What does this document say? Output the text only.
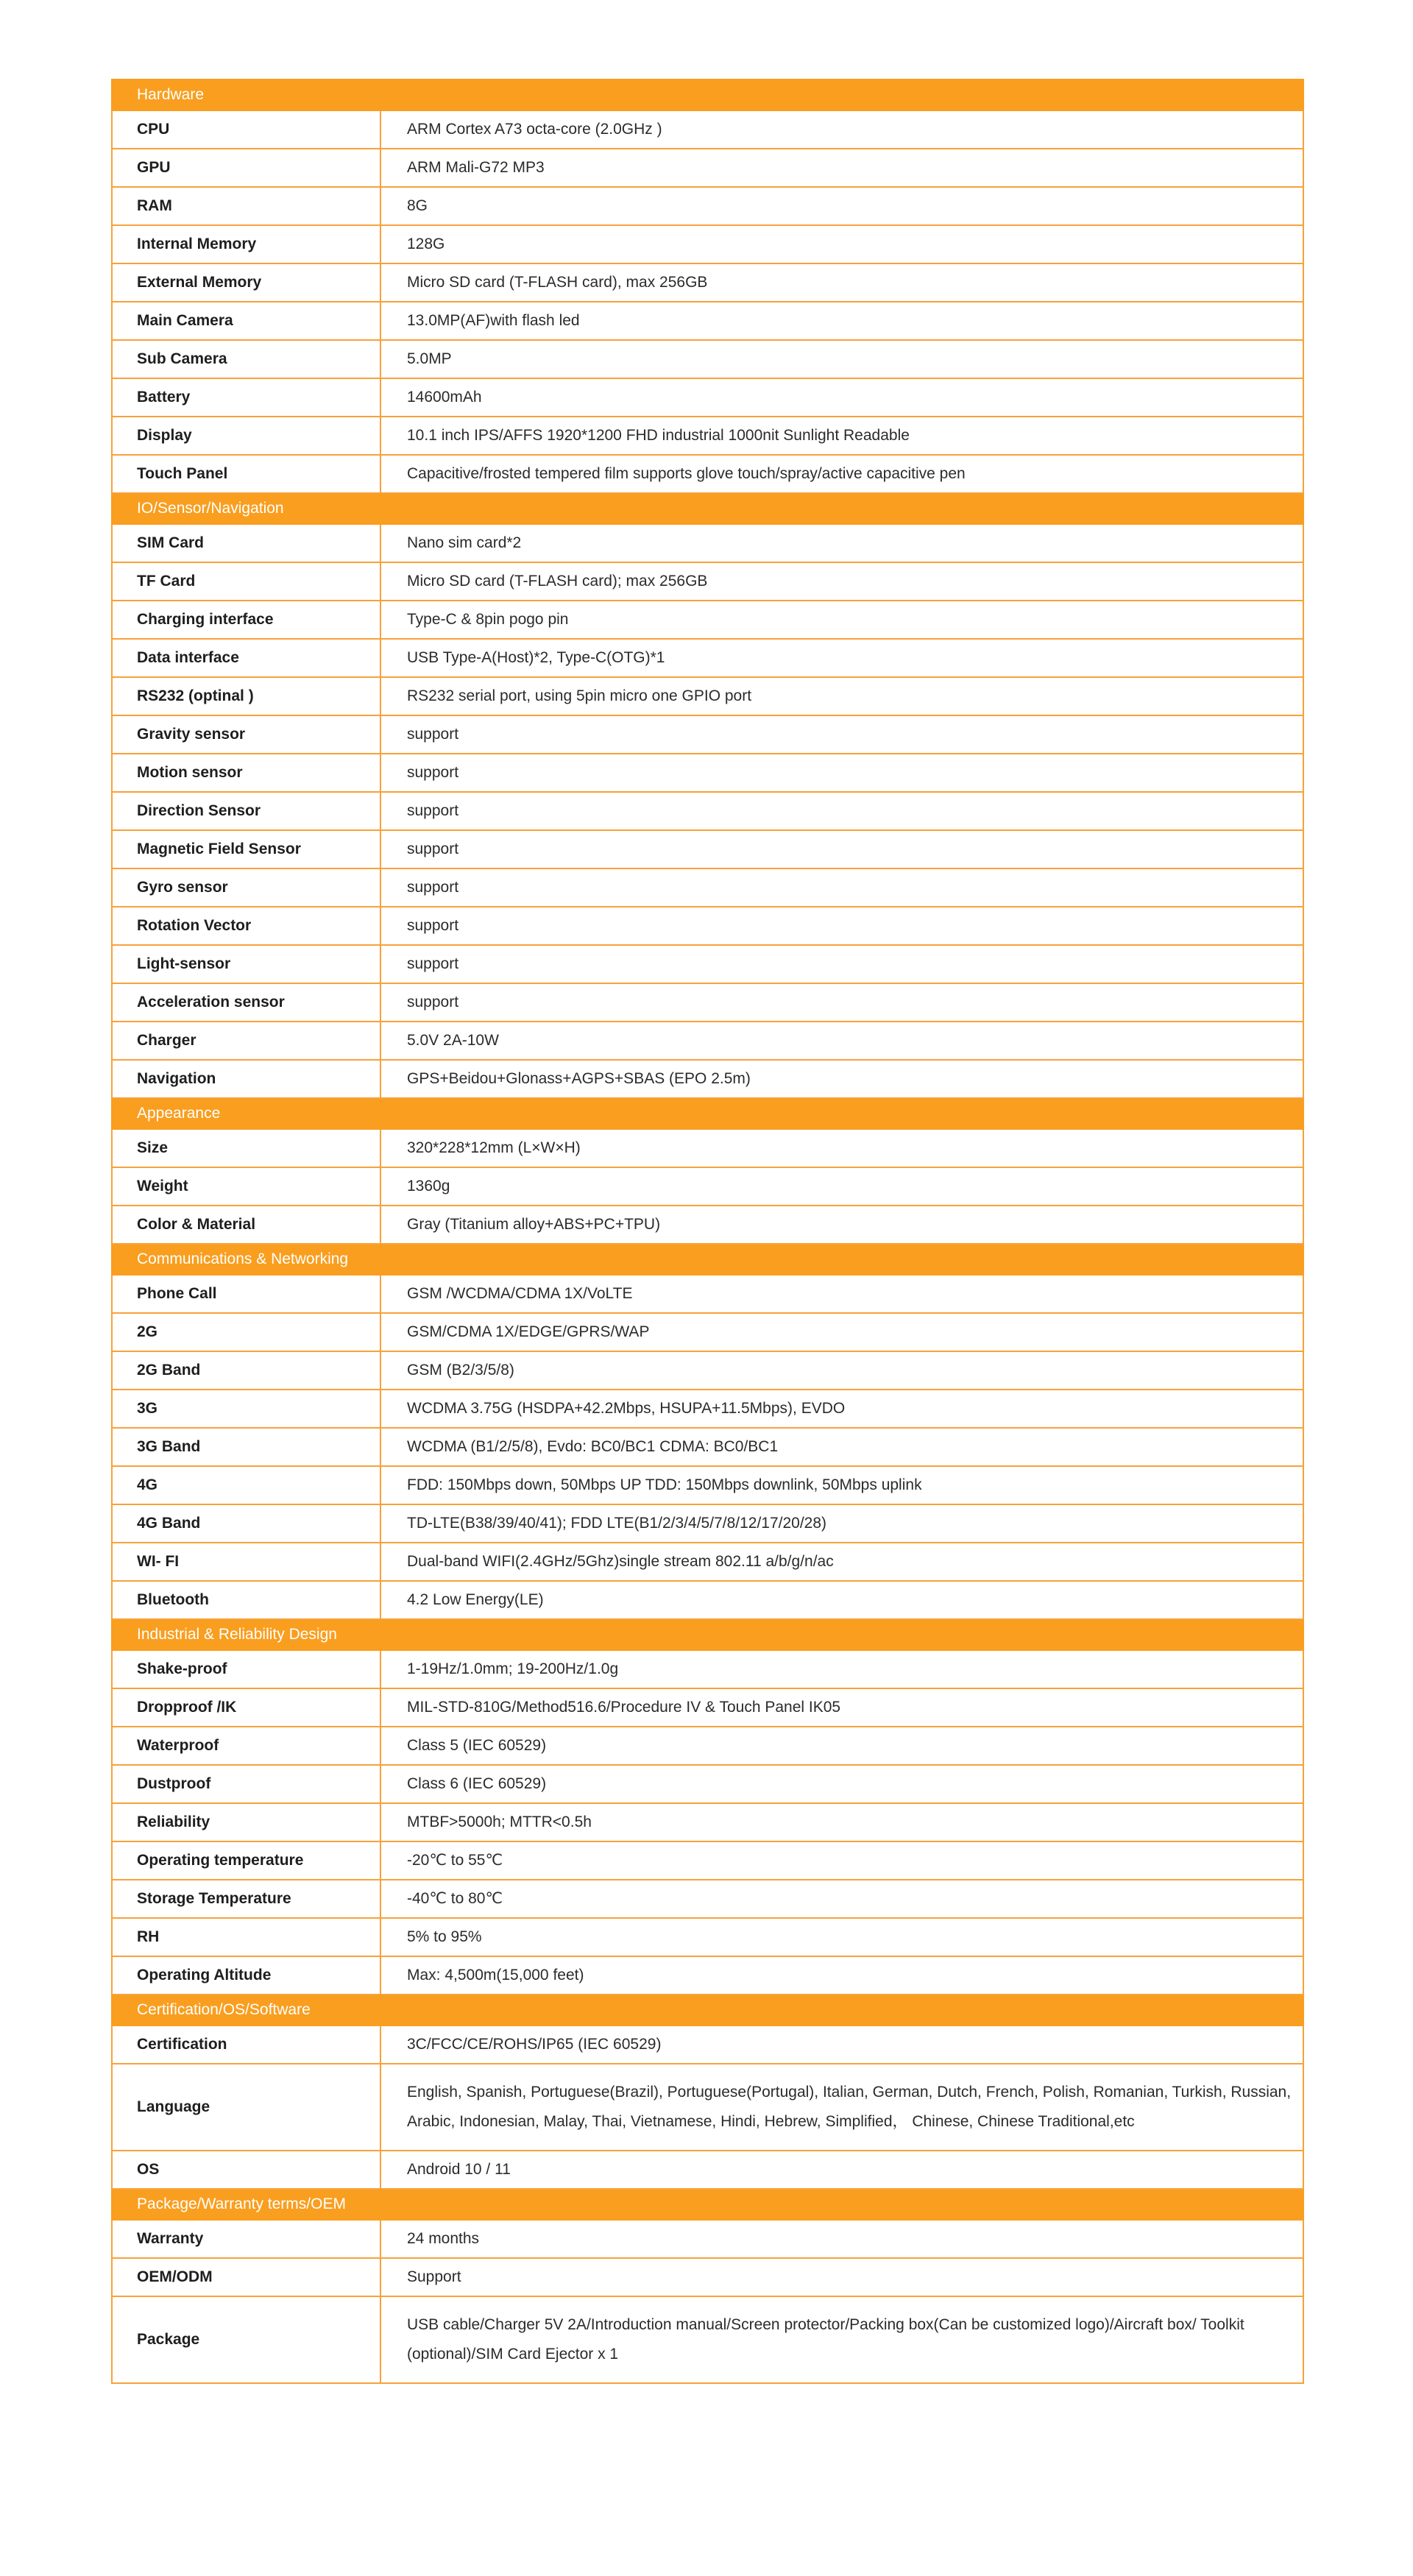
Hardware	
CPU	ARM Cortex A73 octa-core (2.0GHz )
GPU	ARM Mali-G72 MP3
RAM	8G
Internal Memory	128G
External Memory	Micro SD card (T-FLASH card), max 256GB
Main Camera	13.0MP(AF)with flash led
Sub Camera	5.0MP
Battery	14600mAh
Display	10.1 inch IPS/AFFS 1920*1200 FHD industrial 1000nit Sunlight Readable
Touch Panel	Capacitive/frosted tempered film supports glove touch/spray/active capacitive pen
IO/Sensor/Navigation	
SIM Card	Nano sim card*2
TF Card	Micro SD card (T-FLASH card); max 256GB
Charging interface	Type-C & 8pin pogo pin
Data interface	USB Type-A(Host)*2, Type-C(OTG)*1
RS232 (optinal )	RS232 serial port, using 5pin micro one GPIO port
Gravity sensor	support
Motion sensor	support
Direction Sensor	support
Magnetic Field Sensor	support
Gyro sensor	support
Rotation Vector	support
Light-sensor	support
Acceleration sensor	support
Charger	5.0V 2A-10W
Navigation	GPS+Beidou+Glonass+AGPS+SBAS (EPO 2.5m)
Appearance	
Size	320*228*12mm (L×W×H)
Weight	1360g
Color & Material	Gray (Titanium alloy+ABS+PC+TPU)
Communications & Networking	
Phone Call	GSM /WCDMA/CDMA 1X/VoLTE
2G	GSM/CDMA 1X/EDGE/GPRS/WAP
2G Band	GSM (B2/3/5/8)
3G	WCDMA 3.75G (HSDPA+42.2Mbps, HSUPA+11.5Mbps), EVDO
3G Band	WCDMA (B1/2/5/8), Evdo: BC0/BC1 CDMA: BC0/BC1
4G	FDD: 150Mbps down, 50Mbps UP TDD: 150Mbps downlink, 50Mbps uplink
4G Band	TD-LTE(B38/39/40/41); FDD LTE(B1/2/3/4/5/7/8/12/17/20/28)
WI- FI	Dual-band WIFI(2.4GHz/5Ghz)single stream 802.11 a/b/g/n/ac
Bluetooth	4.2 Low Energy(LE)
Industrial & Reliability Design	
Shake-proof	1-19Hz/1.0mm; 19-200Hz/1.0g
Dropproof /IK	MIL-STD-810G/Method516.6/Procedure IV & Touch Panel IK05
Waterproof	Class 5 (IEC 60529)
Dustproof	Class 6 (IEC 60529)
Reliability	MTBF>5000h; MTTR<0.5h
Operating temperature	-20℃ to 55℃
Storage Temperature	-40℃ to 80℃
RH	5% to 95%
Operating Altitude	Max: 4,500m(15,000 feet)
Certification/OS/Software	
Certification	3C/FCC/CE/ROHS/IP65 (IEC 60529)
Language	English, Spanish, Portuguese(Brazil), Portuguese(Portugal), Italian, German, Dutch, French, Polish, Romanian, Turkish, Russian, Arabic, Indonesian, Malay, Thai, Vietnamese, Hindi, Hebrew, Simplified， Chinese, Chinese Traditional,etc
OS	Android 10 / 11
Package/Warranty terms/OEM	
Warranty	24 months
OEM/ODM	Support
Package	USB cable/Charger 5V 2A/Introduction manual/Screen protector/Packing box(Can be customized logo)/Aircraft box/ Toolkit (optional)/SIM Card Ejector x 1
